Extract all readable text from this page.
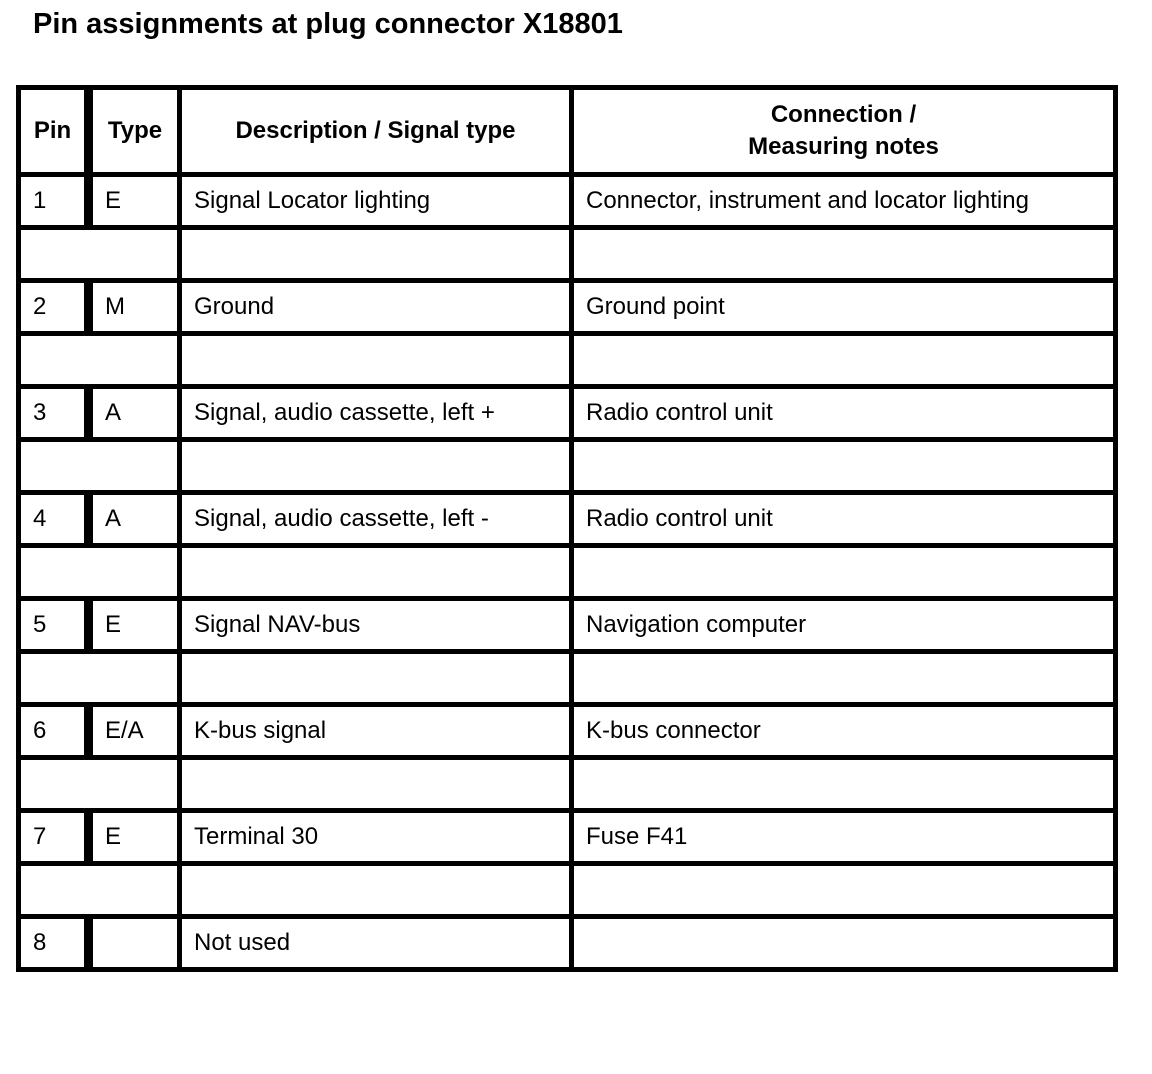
Pin assignments at plug connector X18801
Pin	Type	Description / Signal type	Connection /
Measuring notes
1	E	Signal Locator lighting	Connector, instrument and locator lighting

2	M	Ground	Ground point

3	A	Signal, audio cassette, left +	Radio control unit

4	A	Signal, audio cassette, left -	Radio control unit

5	E	Signal NAV-bus	Navigation computer

6	E/A	K-bus signal	K-bus connector

7	E	Terminal 30	Fuse F41

8		Not used	
